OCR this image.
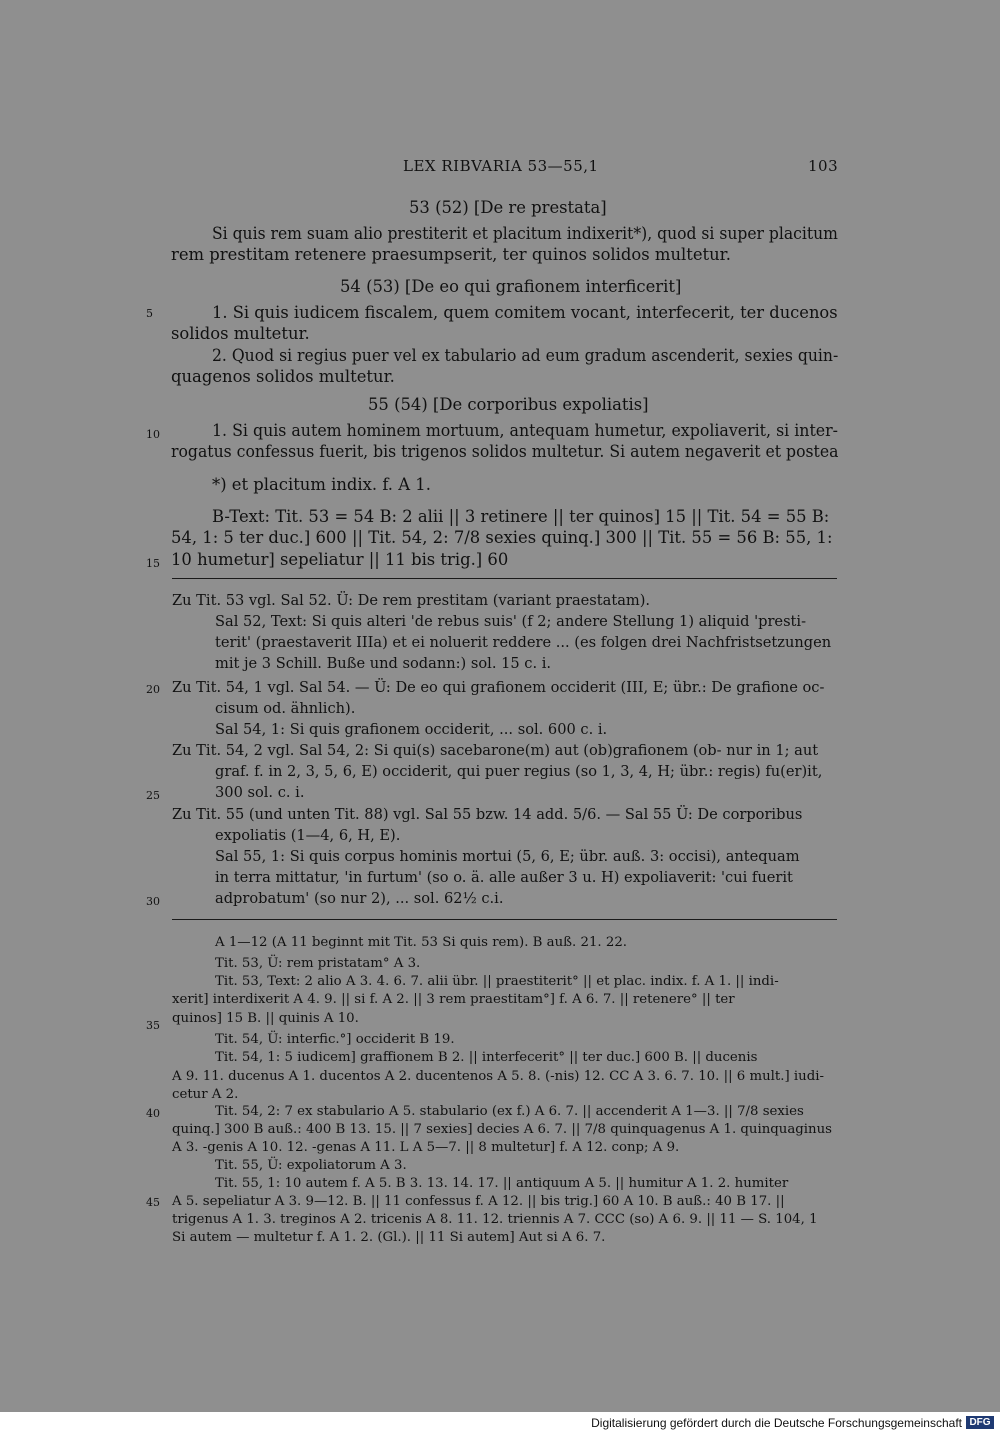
LEX RIBVARIA 53—55,1	103
5
10
15
20
25
30
35
40
45
53 (52) [De re prestata]
Si quis rem suam alio prestiterit et placitum indixerit*), quod si super placitum
rem prestitam retenere praesumpserit, ter quinos solidos multetur.
54 (53) [De eo qui grafionem interficerit]
1. Si quis iudicem fiscalem, quem comitem vocant, interfecerit, ter ducenos
solidos multetur.
2. Quod si regius puer vel ex tabulario ad eum gradum ascenderit, sexies quin-
quagenos solidos multetur.
55 (54) [De corporibus expoliatis]
1. Si quis autem hominem mortuum, antequam humetur, expoliaverit, si inter-
rogatus confessus fuerit, bis trigenos solidos multetur. Si autem negaverit et postea
*) et placitum indix. f. A 1.
B-Text: Tit. 53 = 54 B: 2 alii || 3 retinere || ter quinos] 15 || Tit. 54 = 55 B:
54, 1: 5 ter duc.] 600 || Tit. 54, 2: 7/8 sexies quinq.] 300 || Tit. 55 = 56 B: 55, 1:
10 humetur] sepeliatur || 11 bis trig.] 60
Zu Tit. 53 vgl. Sal 52. Ü: De rem prestitam (variant praestatam).
Sal 52, Text: Si quis alteri 'de rebus suis' (f 2; andere Stellung 1) aliquid 'presti-
terit' (praestaverit IIIa) et ei noluerit reddere ... (es folgen drei Nachfristsetzungen
mit je 3 Schill. Buße und sodann:) sol. 15 c. i.
Zu Tit. 54, 1 vgl. Sal 54. — Ü: De eo qui grafionem occiderit (III, E; übr.: De grafione oc-
cisum od. ähnlich).
Sal 54, 1: Si quis grafionem occiderit, ... sol. 600 c. i.
Zu Tit. 54, 2 vgl. Sal 54, 2: Si qui(s) sacebarone(m) aut (ob)grafionem (ob- nur in 1; aut
graf. f. in 2, 3, 5, 6, E) occiderit, qui puer regius (so 1, 3, 4, H; übr.: regis) fu(er)it,
300 sol. c. i.
Zu Tit. 55 (und unten Tit. 88) vgl. Sal 55 bzw. 14 add. 5/6. — Sal 55 Ü: De corporibus
expoliatis (1—4, 6, H, E).
Sal 55, 1: Si quis corpus hominis mortui (5, 6, E; übr. auß. 3: occisi), antequam
in terra mittatur, 'in furtum' (so o. ä. alle außer 3 u. H) expoliaverit: 'cui fuerit
adprobatum' (so nur 2), ... sol. 62½ c.i.
A 1—12 (A 11 beginnt mit Tit. 53 Si quis rem). B auß. 21. 22.
Tit. 53, Ü: rem pristatam° A 3.
Tit. 53, Text: 2 alio A 3. 4. 6. 7. alii übr. || praestiterit° || et plac. indix. f. A 1. || indi-
xerit] interdixerit A 4. 9. || si f. A 2. || 3 rem praestitam°] f. A 6. 7. || retenere° || ter
quinos] 15 B. || quinis A 10.
Tit. 54, Ü: interfic.°] occiderit B 19.
Tit. 54, 1: 5 iudicem] graffionem B 2. || interfecerit° || ter duc.] 600 B. || ducenis
A 9. 11. ducenus A 1. ducentos A 2. ducentenos A 5. 8. (-nis) 12. CC A 3. 6. 7. 10. || 6 mult.] iudi-
cetur A 2.
Tit. 54, 2: 7 ex stabulario A 5. stabulario (ex f.) A 6. 7. || accenderit A 1—3. || 7/8 sexies
quinq.] 300 B auß.: 400 B 13. 15. || 7 sexies] decies A 6. 7. || 7/8 quinquagenus A 1. quinquaginus
A 3. -genis A 10. 12. -genas A 11. L A 5—7. || 8 multetur] f. A 12. conp; A 9.
Tit. 55, Ü: expoliatorum A 3.
Tit. 55, 1: 10 autem f. A 5. B 3. 13. 14. 17. || antiquum A 5. || humitur A 1. 2. humiter
A 5. sepeliatur A 3. 9—12. B. || 11 confessus f. A 12. || bis trig.] 60 A 10. B auß.: 40 B 17. ||
trigenus A 1. 3. treginos A 2. tricenis A 8. 11. 12. triennis A 7. CCC (so) A 6. 9. || 11 — S. 104, 1
Si autem — multetur f. A 1. 2. (Gl.). || 11 Si autem] Aut si A 6. 7.
Digitalisierung gefördert durch die Deutsche Forschungsgemeinschaft DFG
